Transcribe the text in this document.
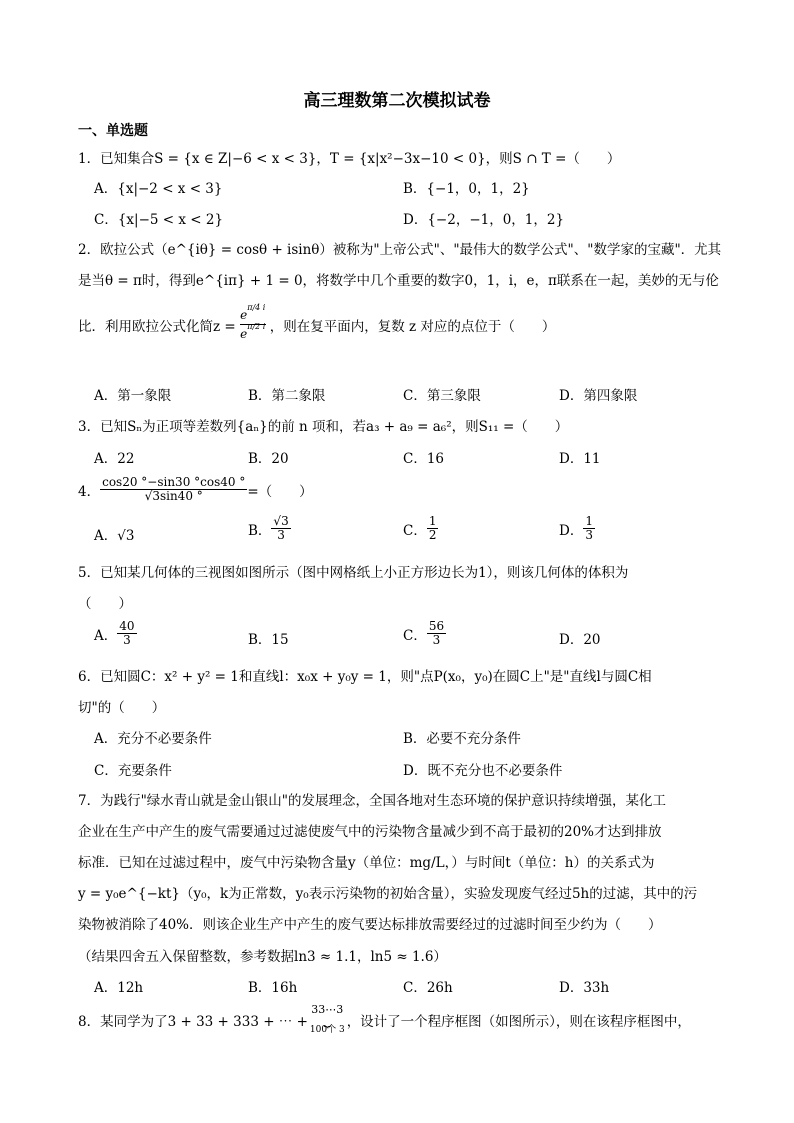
高三理数第二次模拟试卷
一、单选题
1．已知集合S = {x ∈ Z|−6 < x < 3}，T = {x|x²−3x−10 < 0}，则S ∩ T =（　　）
A．{x|−2 < x < 3}	B．{−1，0，1，2}
C．{x|−5 < x < 2}	D．{−2，−1，0，1，2}
2．欧拉公式（e^{iθ} = cosθ + isinθ）被称为"上帝公式"、"最伟大的数学公式"、"数学家的宝藏"．尤其
是当θ = π时，得到e^{iπ} + 1 = 0，将数学中几个重要的数字0，1，i，e，π联系在一起，美妙的无与伦
比．利用欧拉公式化简z =
$e^{\pi/4 i}$
$e^{\pi/2 i}$ ，则在复平面内，复数 z 对应的点位于（　　）
A．第一象限	B．第二象限	C．第三象限	D．第四象限
3．已知Sₙ为正项等差数列{aₙ}的前 n 项和，若a₃ + a₉ = a₆²，则S₁₁ =（　　）
A．22	B．20	C．16	D．11
4． $\frac{\cos 20 ^\circ-\sin 30 ^\circ\cos 40 ^\circ}{√3\sin 40 ^\circ}$ =（　　）
A．√3	B． $\frac{√3}{3}$	C． $\frac{1}{2}$	D． $\frac{1}{3}$
5．已知某几何体的三视图如图所示（图中网格纸上小正方形边长为1），则该几何体的体积为
（　　）
A． $\frac{40}{3}$	B．15	C． $\frac{56}{3}$	D．20
6．已知圆C：x² + y² = 1和直线l：x₀x + y₀y = 1，则"点P(x₀，y₀)在圆C上"是"直线l与圆C相
切"的（　　）
A．充分不必要条件	B．必要不充分条件
C．充要条件	D．既不充分也不必要条件
7．为践行"绿水青山就是金山银山"的发展理念，全国各地对生态环境的保护意识持续增强，某化工
企业在生产中产生的废气需要通过过滤使废气中的污染物含量减少到不高于最初的20%才达到排放
标准．已知在过滤过程中，废气中污染物含量y（单位：mg/L，）与时间t（单位：h）的关系式为
y = y₀e^{−kt}（y₀，k为正常数，y₀表示污染物的初始含量），实验发现废气经过5h的过滤，其中的污
染物被消除了40%．则该企业生产中产生的废气要达标排放需要经过的过滤时间至少约为（　　）
（结果四舍五入保留整数，参考数据ln3 ≈ 1.1，ln5 ≈ 1.6）
A．12h	B．16h	C．26h	D．33h
8．某同学为了3 + 33 + 333 + ⋯ +
33⋯3
⏟
100个 3 ，设计了一个程序框图（如图所示），则在该程序框图中，
